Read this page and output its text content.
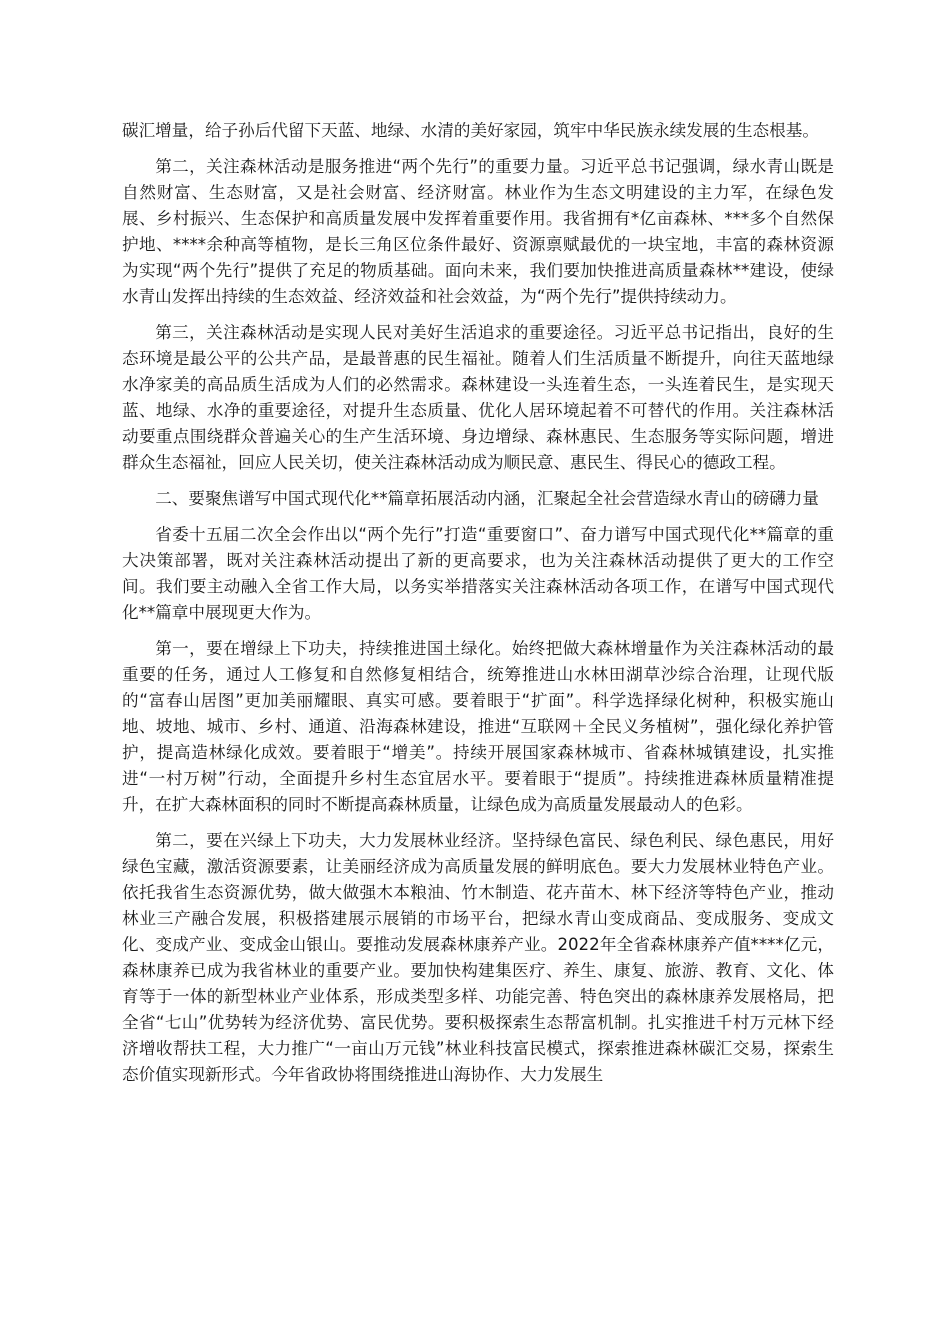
碳汇增量，给子孙后代留下天蓝、地绿、水清的美好家园，筑牢中华民族永续发展的生态根基。

第二，关注森林活动是服务推进“两个先行”的重要力量。习近平总书记强调，绿水青山既是自然财富、生态财富，又是社会财富、经济财富。林业作为生态文明建设的主力军，在绿色发展、乡村振兴、生态保护和高质量发展中发挥着重要作用。我省拥有*亿亩森林、***多个自然保护地、****余种高等植物，是长三角区位条件最好、资源禀赋最优的一块宝地，丰富的森林资源为实现“两个先行”提供了充足的物质基础。面向未来，我们要加快推进高质量森林**建设，使绿水青山发挥出持续的生态效益、经济效益和社会效益，为“两个先行”提供持续动力。

第三，关注森林活动是实现人民对美好生活追求的重要途径。习近平总书记指出，良好的生态环境是最公平的公共产品，是最普惠的民生福祉。随着人们生活质量不断提升，向往天蓝地绿水净家美的高品质生活成为人们的必然需求。森林建设一头连着生态，一头连着民生，是实现天蓝、地绿、水净的重要途径，对提升生态质量、优化人居环境起着不可替代的作用。关注森林活动要重点围绕群众普遍关心的生产生活环境、身边增绿、森林惠民、生态服务等实际问题，增进群众生态福祉，回应人民关切，使关注森林活动成为顺民意、惠民生、得民心的德政工程。

二、要聚焦谱写中国式现代化**篇章拓展活动内涵，汇聚起全社会营造绿水青山的磅礴力量

省委十五届二次全会作出以“两个先行”打造“重要窗口”、奋力谱写中国式现代化**篇章的重大决策部署，既对关注森林活动提出了新的更高要求，也为关注森林活动提供了更大的工作空间。我们要主动融入全省工作大局，以务实举措落实关注森林活动各项工作，在谱写中国式现代化**篇章中展现更大作为。

第一，要在增绿上下功夫，持续推进国土绿化。始终把做大森林增量作为关注森林活动的最重要的任务，通过人工修复和自然修复相结合，统筹推进山水林田湖草沙综合治理，让现代版的“富春山居图”更加美丽耀眼、真实可感。要着眼于“扩面”。科学选择绿化树种，积极实施山地、坡地、城市、乡村、通道、沿海森林建设，推进“互联网＋全民义务植树”，强化绿化养护管护，提高造林绿化成效。要着眼于“增美”。持续开展国家森林城市、省森林城镇建设，扎实推进“一村万树”行动，全面提升乡村生态宜居水平。要着眼于“提质”。持续推进森林质量精准提升，在扩大森林面积的同时不断提高森林质量，让绿色成为高质量发展最动人的色彩。

第二，要在兴绿上下功夫，大力发展林业经济。坚持绿色富民、绿色利民、绿色惠民，用好绿色宝藏，激活资源要素，让美丽经济成为高质量发展的鲜明底色。要大力发展林业特色产业。依托我省生态资源优势，做大做强木本粮油、竹木制造、花卉苗木、林下经济等特色产业，推动林业三产融合发展，积极搭建展示展销的市场平台，把绿水青山变成商品、变成服务、变成文化、变成产业、变成金山银山。要推动发展森林康养产业。2022年全省森林康养产值****亿元，森林康养已成为我省林业的重要产业。要加快构建集医疗、养生、康复、旅游、教育、文化、体育等于一体的新型林业产业体系，形成类型多样、功能完善、特色突出的森林康养发展格局，把全省“七山”优势转为经济优势、富民优势。要积极探索生态帮富机制。扎实推进千村万元林下经济增收帮扶工程，大力推广“一亩山万元钱”林业科技富民模式，探索推进森林碳汇交易，探索生态价值实现新形式。今年省政协将围绕推进山海协作、大力发展生
